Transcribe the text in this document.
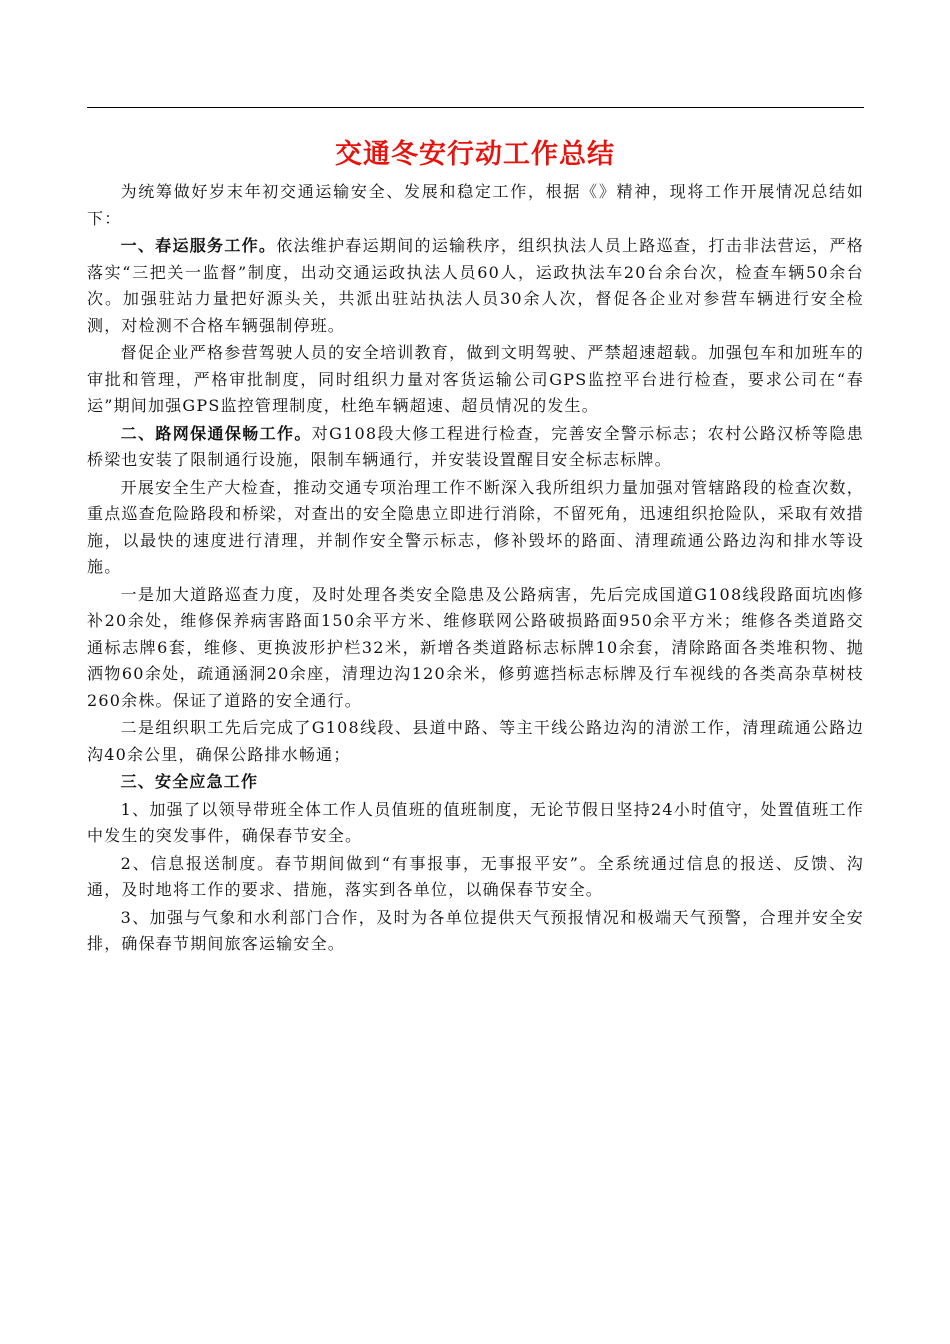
交通冬安行动工作总结

为统筹做好岁末年初交通运输安全、发展和稳定工作，根据《》精神，现将工作开展情况总结如下：

一、春运服务工作。依法维护春运期间的运输秩序，组织执法人员上路巡查，打击非法营运，严格落实“三把关一监督”制度，出动交通运政执法人员60人，运政执法车20台余台次，检查车辆50余台次。加强驻站力量把好源头关，共派出驻站执法人员30余人次，督促各企业对参营车辆进行安全检测，对检测不合格车辆强制停班。

督促企业严格参营驾驶人员的安全培训教育，做到文明驾驶、严禁超速超载。加强包车和加班车的审批和管理，严格审批制度，同时组织力量对客货运输公司GPS监控平台进行检查，要求公司在“春运”期间加强GPS监控管理制度，杜绝车辆超速、超员情况的发生。

二、路网保通保畅工作。对G108段大修工程进行检查，完善安全警示标志；农村公路汉桥等隐患桥梁也安装了限制通行设施，限制车辆通行，并安装设置醒目安全标志标牌。

开展安全生产大检查，推动交通专项治理工作不断深入我所组织力量加强对管辖路段的检查次数，重点巡查危险路段和桥梁，对查出的安全隐患立即进行消除，不留死角，迅速组织抢险队，采取有效措施，以最快的速度进行清理，并制作安全警示标志，修补毁坏的路面、清理疏通公路边沟和排水等设施。

一是加大道路巡查力度，及时处理各类安全隐患及公路病害，先后完成国道G108线段路面坑凼修补20余处，维修保养病害路面150余平方米、维修联网公路破损路面950余平方米；维修各类道路交通标志牌6套，维修、更换波形护栏32米，新增各类道路标志标牌10余套，清除路面各类堆积物、抛洒物60余处，疏通涵洞20余座，清理边沟120余米，修剪遮挡标志标牌及行车视线的各类高杂草树枝260余株。保证了道路的安全通行。

二是组织职工先后完成了G108线段、县道中路、等主干线公路边沟的清淤工作，清理疏通公路边沟40余公里，确保公路排水畅通；

三、安全应急工作

1、加强了以领导带班全体工作人员值班的值班制度，无论节假日坚持24小时值守，处置值班工作中发生的突发事件，确保春节安全。

2、信息报送制度。春节期间做到“有事报事，无事报平安”。全系统通过信息的报送、反馈、沟通，及时地将工作的要求、措施，落实到各单位，以确保春节安全。

3、加强与气象和水利部门合作，及时为各单位提供天气预报情况和极端天气预警，合理并安全安排，确保春节期间旅客运输安全。
